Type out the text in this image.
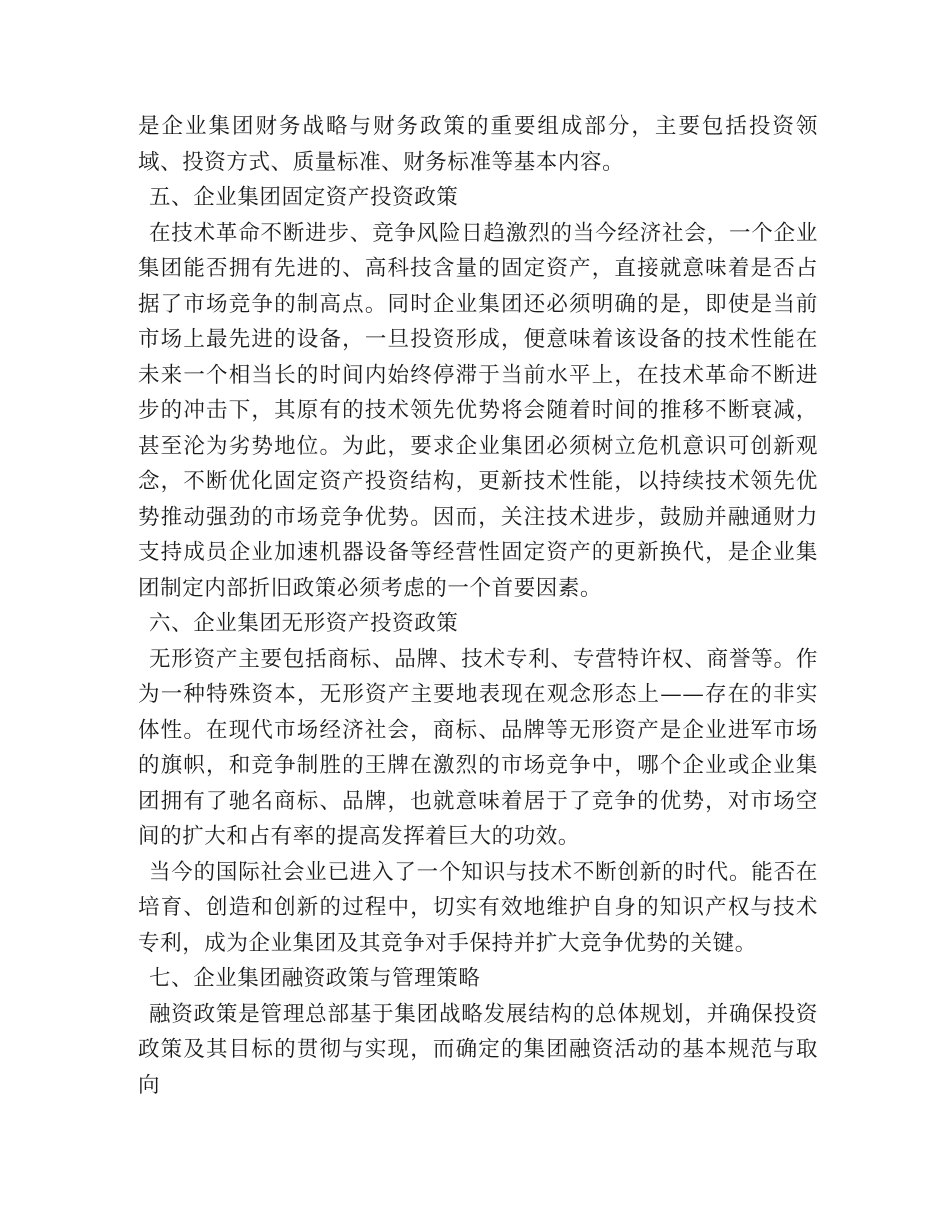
是企业集团财务战略与财务政策的重要组成部分，主要包括投资领域、投资方式、质量标准、财务标准等基本内容。

五、企业集团固定资产投资政策

在技术革命不断进步、竞争风险日趋激烈的当今经济社会，一个企业集团能否拥有先进的、高科技含量的固定资产，直接就意味着是否占据了市场竞争的制高点。同时企业集团还必须明确的是，即使是当前市场上最先进的设备，一旦投资形成，便意味着该设备的技术性能在未来一个相当长的时间内始终停滞于当前水平上，在技术革命不断进步的冲击下，其原有的技术领先优势将会随着时间的推移不断衰减，甚至沦为劣势地位。为此，要求企业集团必须树立危机意识可创新观念，不断优化固定资产投资结构，更新技术性能，以持续技术领先优势推动强劲的市场竞争优势。因而，关注技术进步，鼓励并融通财力支持成员企业加速机器设备等经营性固定资产的更新换代，是企业集团制定内部折旧政策必须考虑的一个首要因素。

六、企业集团无形资产投资政策

无形资产主要包括商标、品牌、技术专利、专营特许权、商誉等。作为一种特殊资本，无形资产主要地表现在观念形态上——存在的非实体性。在现代市场经济社会，商标、品牌等无形资产是企业进军市场的旗帜，和竞争制胜的王牌在激烈的市场竞争中，哪个企业或企业集团拥有了驰名商标、品牌，也就意味着居于了竞争的优势，对市场空间的扩大和占有率的提高发挥着巨大的功效。

当今的国际社会业已进入了一个知识与技术不断创新的时代。能否在培育、创造和创新的过程中，切实有效地维护自身的知识产权与技术专利，成为企业集团及其竞争对手保持并扩大竞争优势的关键。

七、企业集团融资政策与管理策略

融资政策是管理总部基于集团战略发展结构的总体规划，并确保投资政策及其目标的贯彻与实现，而确定的集团融资活动的基本规范与取向
